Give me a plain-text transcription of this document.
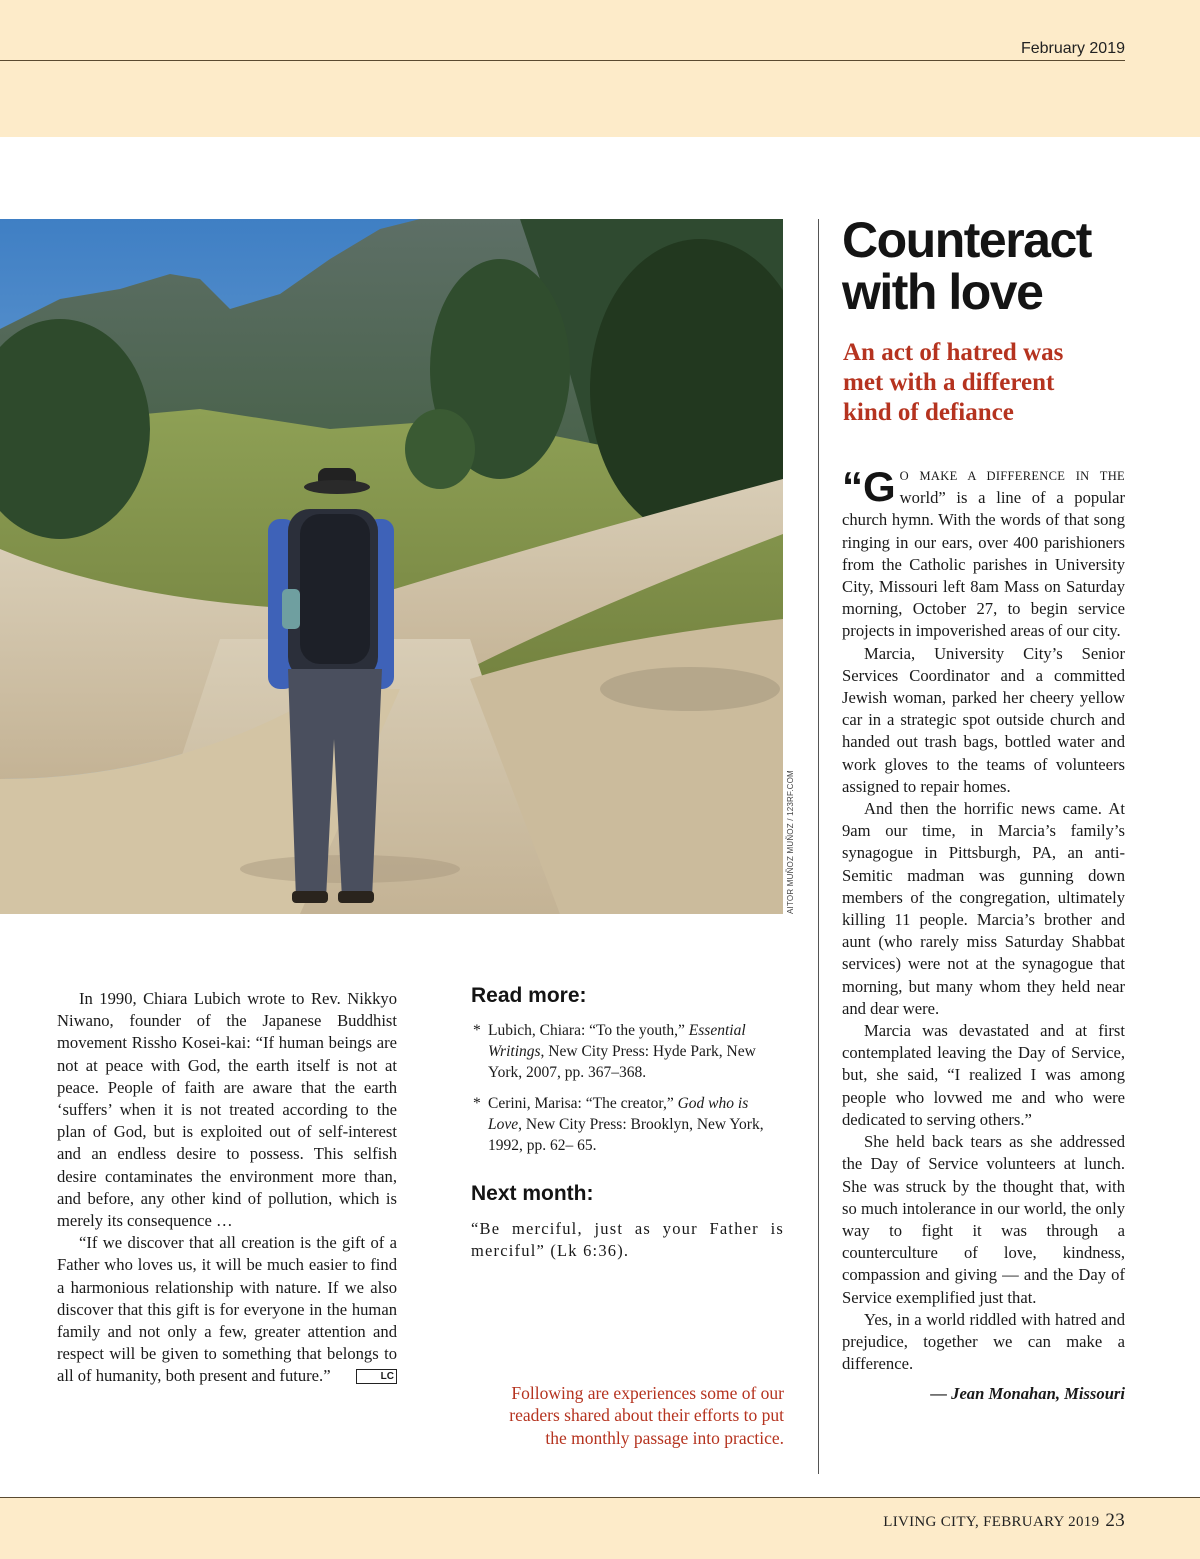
February 2019
AITOR MUÑOZ MUÑOZ / 123RF.COM
Counteract
with love
An act of hatred was
met with a different
kind of defiance

“G O MAKE A DIFFERENCE IN THE world” is a line of a popular church hymn. With the words of that song ringing in our ears, over 400 parishioners from the Catholic parishes in University City, Missouri left 8am Mass on Saturday morning, October 27, to begin service projects in impoverished areas of our city.

Marcia, University City’s Senior Services Coordinator and a committed Jewish woman, parked her cheery yellow car in a strategic spot outside church and handed out trash bags, bottled water and work gloves to the teams of volunteers assigned to repair homes.

And then the horrific news came. At 9am our time, in Marcia’s family’s synagogue in Pittsburgh, PA, an anti-Semitic madman was gunning down members of the congregation, ultimately killing 11 people. Marcia’s brother and aunt (who rarely miss Saturday Shabbat services) were not at the synagogue that morning, but many whom they held near and dear were.

Marcia was devastated and at first contemplated leaving the Day of Service, but, she said, “I realized I was among people who lovwed me and who were dedicated to serving others.”

She held back tears as she addressed the Day of Service volunteers at lunch. She was struck by the thought that, with so much intolerance in our world, the only way to fight it was through a counterculture of love, kindness, compassion and giving — and the Day of Service exemplified just that.

Yes, in a world riddled with hatred and prejudice, together we can make a difference.

— Jean Monahan, Missouri

In 1990, Chiara Lubich wrote to Rev. Nikkyo Niwano, founder of the Japanese Buddhist movement Rissho Kosei-kai: “If human beings are not at peace with God, the earth itself is not at peace. People of faith are aware that the earth ‘suffers’ when it is not treated according to the plan of God, but is exploited out of self-interest and an endless desire to possess. This selfish desire contaminates the environment more than, and before, any other kind of pollution, which is merely its consequence …

“If we discover that all creation is the gift of a Father who loves us, it will be much easier to find a harmonious relationship with nature. If we also discover that this gift is for everyone in the human family and not only a few, greater attention and respect will be given to something that belongs to all of humanity, both present and future.”	LC

Read more:

* Lubich, Chiara: “To the youth,” Essential Writings, New City Press: Hyde Park, New York, 2007, pp. 367–368.

* Cerini, Marisa: “The creator,” God who is Love, New City Press: Brooklyn, New York, 1992, pp. 62– 65.

Next month:

“Be merciful, just as your Father is merciful” (Lk 6:36).

Following are experiences some of our readers shared about their efforts to put the monthly passage into practice.

LIVING CITY, FEBRUARY 2019 23
